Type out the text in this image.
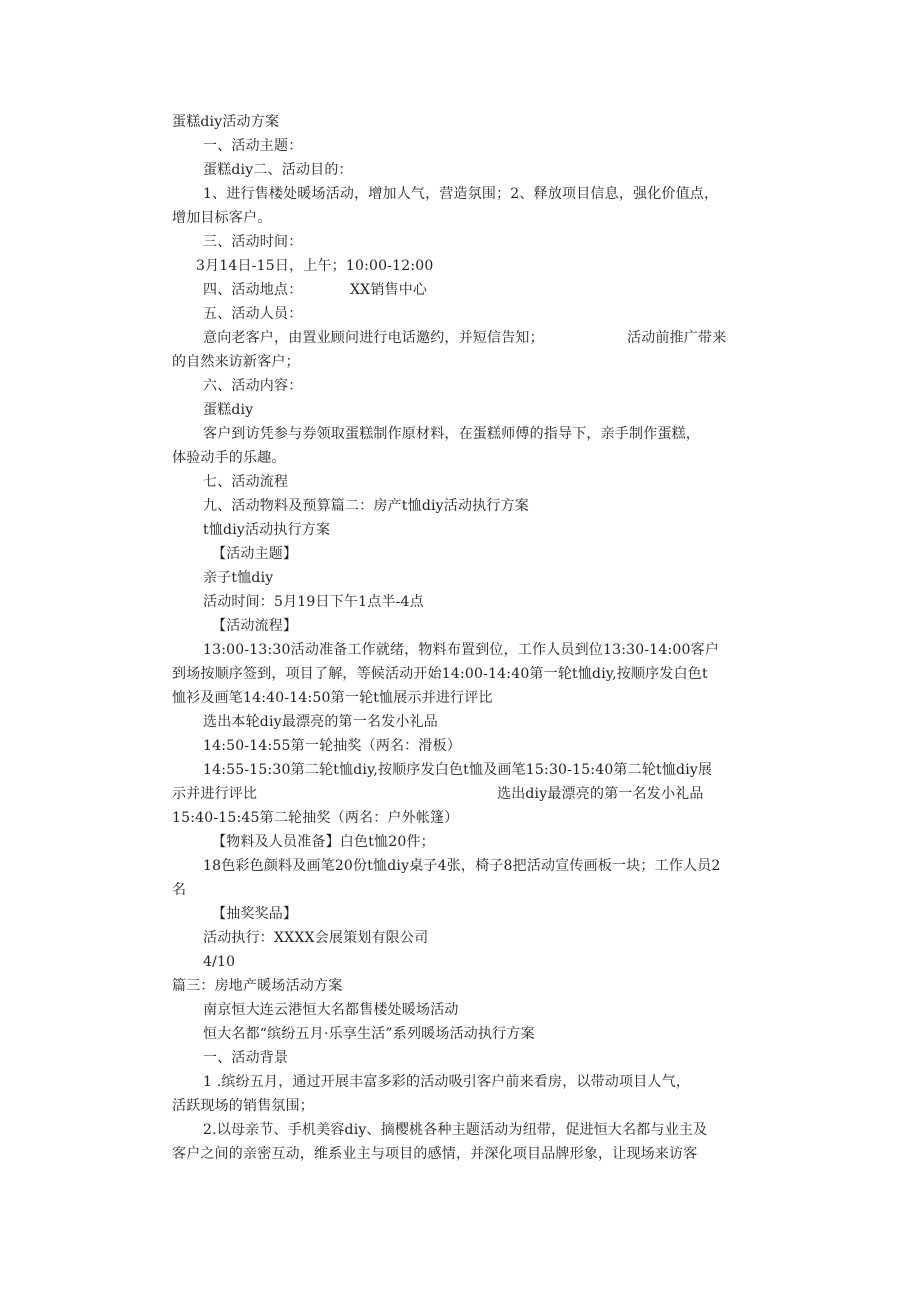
蛋糕diy活动方案
一、活动主题：
蛋糕diy二、活动目的：
1、进行售楼处暖场活动，增加人气，营造氛围；2、释放项目信息，强化价值点，
增加目标客户。
三、活动时间：
3月14日-15日，上午；10:00-12:00
四、活动地点：	XX销售中心
五、活动人员：
意向老客户，由置业顾问进行电话邀约，并短信告知；	活动前推广带来
的自然来访新客户；
六、活动内容：
蛋糕diy
客户到访凭参与券领取蛋糕制作原材料，在蛋糕师傅的指导下，亲手制作蛋糕，
体验动手的乐趣。
七、活动流程
九、活动物料及预算篇二：房产t恤diy活动执行方案
t恤diy活动执行方案
【活动主题】
亲子t恤diy
活动时间：5月19日下午1点半-4点
【活动流程】
13:00-13:30活动准备工作就绪，物料布置到位，工作人员到位13:30-14:00客户
到场按顺序签到，项目了解，等候活动开始14:00-14:40第一轮t恤diy,按顺序发白色t
恤衫及画笔14:40-14:50第一轮t恤展示并进行评比
选出本轮diy最漂亮的第一名发小礼品
14:50-14:55第一轮抽奖（两名：滑板）
14:55-15:30第二轮t恤diy,按顺序发白色t恤及画笔15:30-15:40第二轮t恤diy展
示并进行评比	选出diy最漂亮的第一名发小礼品
15:40-15:45第二轮抽奖（两名：户外帐篷）
【物料及人员准备】白色t恤20件；
18色彩色颜料及画笔20份t恤diy桌子4张，椅子8把活动宣传画板一块；工作人员2
名
【抽奖奖品】
活动执行：XXXX会展策划有限公司
4/10
篇三：房地产暖场活动方案
南京恒大连云港恒大名都售楼处暖场活动
恒大名都“缤纷五月·乐享生活”系列暖场活动执行方案
一、活动背景
1 .缤纷五月，通过开展丰富多彩的活动吸引客户前来看房，以带动项目人气，
活跃现场的销售氛围；
2.以母亲节、手机美容diy、摘樱桃各种主题活动为纽带，促进恒大名都与业主及
客户之间的亲密互动，维系业主与项目的感情，并深化项目品牌形象，让现场来访客
